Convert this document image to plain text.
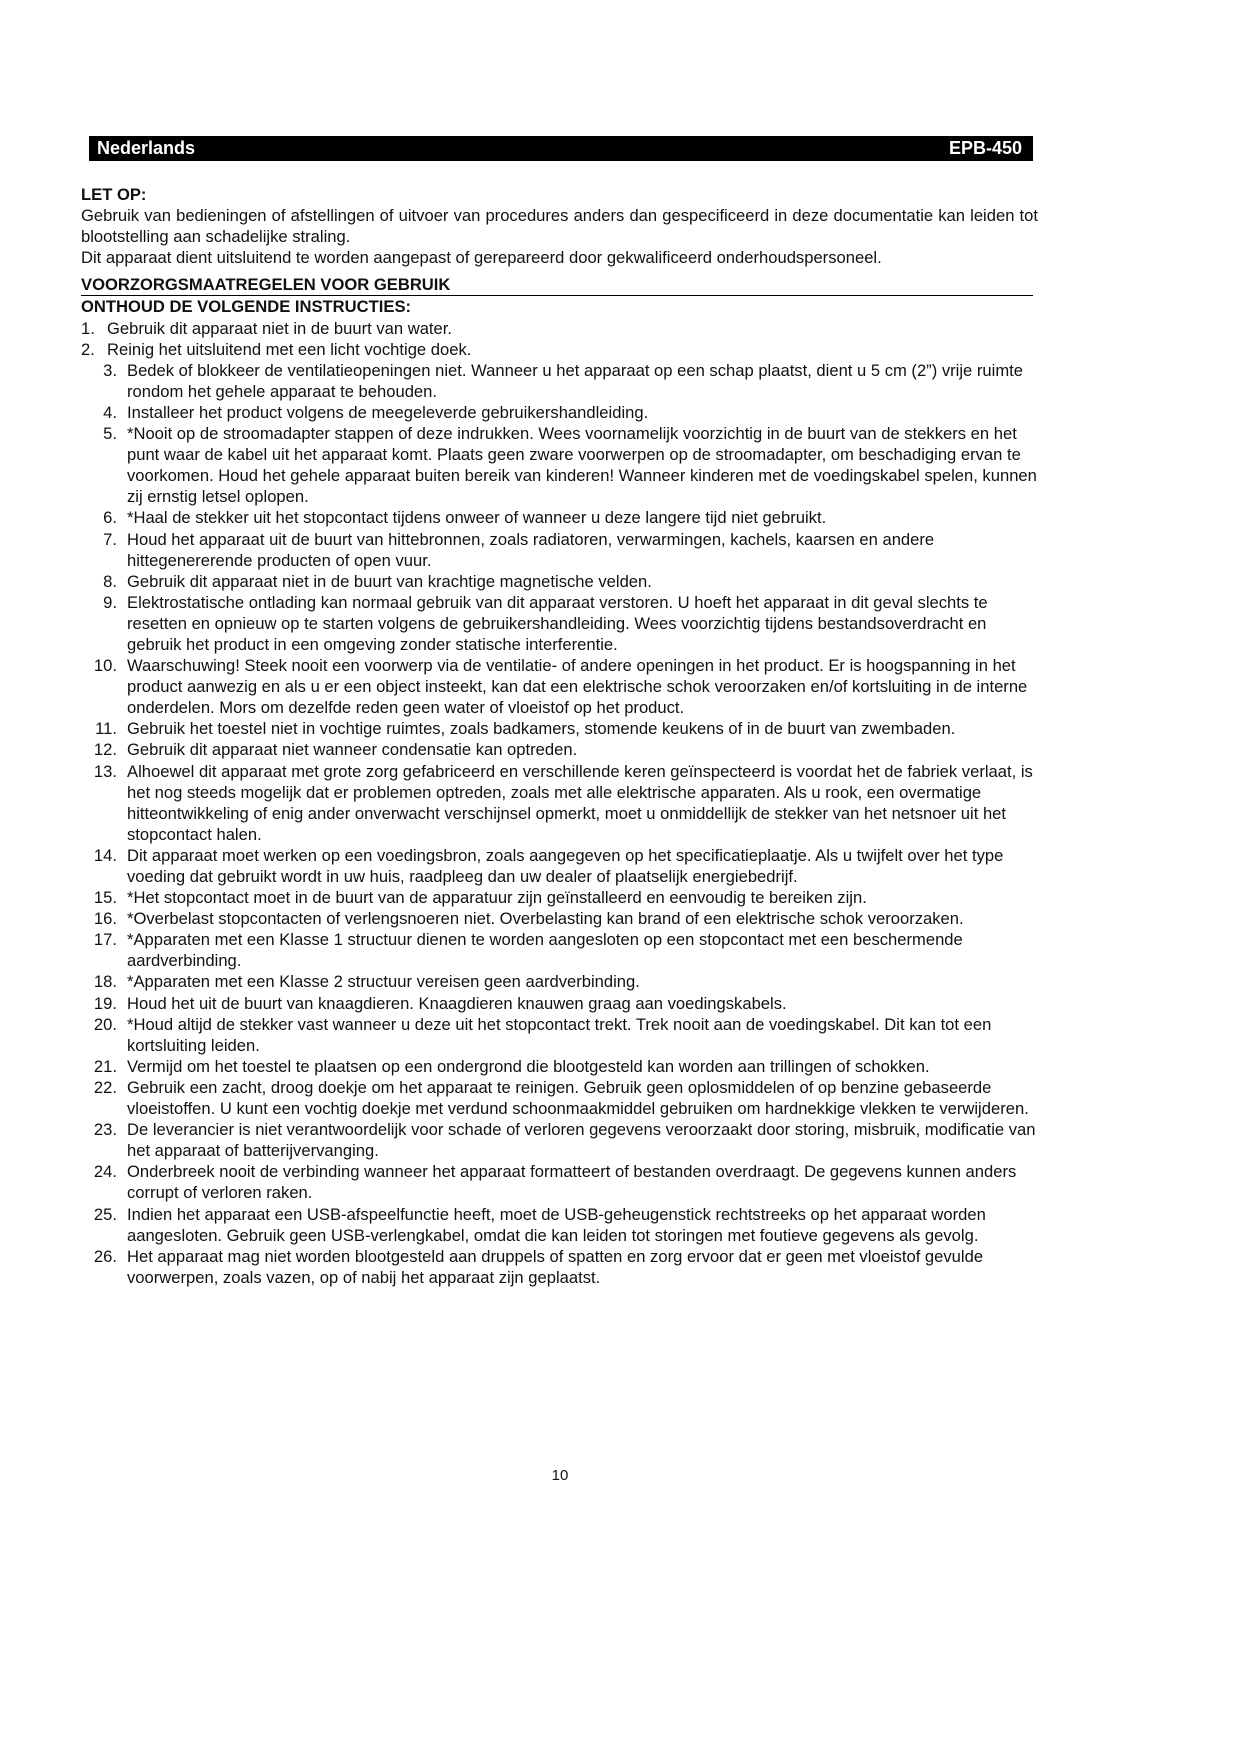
Nederlands	EPB-450
LET OP:

Gebruik van bedieningen of afstellingen of uitvoer van procedures anders dan gespecificeerd in deze documentatie kan leiden tot blootstelling aan schadelijke straling.

Dit apparaat dient uitsluitend te worden aangepast of gerepareerd door gekwalificeerd onderhoudspersoneel.

VOORZORGSMAATREGELEN VOOR GEBRUIK
ONTHOUD DE VOLGENDE INSTRUCTIES:
1. Gebruik dit apparaat niet in de buurt van water.
2. Reinig het uitsluitend met een licht vochtige doek.
3. Bedek of blokkeer de ventilatieopeningen niet. Wanneer u het apparaat op een schap plaatst, dient u 5 cm (2”) vrije ruimte rondom het gehele apparaat te behouden.
4. Installeer het product volgens de meegeleverde gebruikershandleiding.
5. *Nooit op de stroomadapter stappen of deze indrukken. Wees voornamelijk voorzichtig in de buurt van de stekkers en het punt waar de kabel uit het apparaat komt. Plaats geen zware voorwerpen op de stroomadapter, om beschadiging ervan te voorkomen. Houd het gehele apparaat buiten bereik van kinderen! Wanneer kinderen met de voedingskabel spelen, kunnen zij ernstig letsel oplopen.
6. *Haal de stekker uit het stopcontact tijdens onweer of wanneer u deze langere tijd niet gebruikt.
7. Houd het apparaat uit de buurt van hittebronnen, zoals radiatoren, verwarmingen, kachels, kaarsen en andere hittegenererende producten of open vuur.
8. Gebruik dit apparaat niet in de buurt van krachtige magnetische velden.
9. Elektrostatische ontlading kan normaal gebruik van dit apparaat verstoren. U hoeft het apparaat in dit geval slechts te resetten en opnieuw op te starten volgens de gebruikershandleiding. Wees voorzichtig tijdens bestandsoverdracht en gebruik het product in een omgeving zonder statische interferentie.
10. Waarschuwing! Steek nooit een voorwerp via de ventilatie- of andere openingen in het product. Er is hoogspanning in het product aanwezig en als u er een object insteekt, kan dat een elektrische schok veroorzaken en/of kortsluiting in de interne onderdelen. Mors om dezelfde reden geen water of vloeistof op het product.
11. Gebruik het toestel niet in vochtige ruimtes, zoals badkamers, stomende keukens of in de buurt van zwembaden.
12. Gebruik dit apparaat niet wanneer condensatie kan optreden.
13. Alhoewel dit apparaat met grote zorg gefabriceerd en verschillende keren geïnspecteerd is voordat het de fabriek verlaat, is het nog steeds mogelijk dat er problemen optreden, zoals met alle elektrische apparaten. Als u rook, een overmatige hitteontwikkeling of enig ander onverwacht verschijnsel opmerkt, moet u onmiddellijk de stekker van het netsnoer uit het stopcontact halen.
14. Dit apparaat moet werken op een voedingsbron, zoals aangegeven op het specificatieplaatje. Als u twijfelt over het type voeding dat gebruikt wordt in uw huis, raadpleeg dan uw dealer of plaatselijk energiebedrijf.
15. *Het stopcontact moet in de buurt van de apparatuur zijn geïnstalleerd en eenvoudig te bereiken zijn.
16. *Overbelast stopcontacten of verlengsnoeren niet. Overbelasting kan brand of een elektrische schok veroorzaken.
17. *Apparaten met een Klasse 1 structuur dienen te worden aangesloten op een stopcontact met een beschermende aardverbinding.
18. *Apparaten met een Klasse 2 structuur vereisen geen aardverbinding.
19. Houd het uit de buurt van knaagdieren. Knaagdieren knauwen graag aan voedingskabels.
20. *Houd altijd de stekker vast wanneer u deze uit het stopcontact trekt. Trek nooit aan de voedingskabel. Dit kan tot een kortsluiting leiden.
21. Vermijd om het toestel te plaatsen op een ondergrond die blootgesteld kan worden aan trillingen of schokken.
22. Gebruik een zacht, droog doekje om het apparaat te reinigen. Gebruik geen oplosmiddelen of op benzine gebaseerde vloeistoffen. U kunt een vochtig doekje met verdund schoonmaakmiddel gebruiken om hardnekkige vlekken te verwijderen.
23. De leverancier is niet verantwoordelijk voor schade of verloren gegevens veroorzaakt door storing, misbruik, modificatie van het apparaat of batterijvervanging.
24. Onderbreek nooit de verbinding wanneer het apparaat formatteert of bestanden overdraagt. De gegevens kunnen anders corrupt of verloren raken.
25. Indien het apparaat een USB-afspeelfunctie heeft, moet de USB-geheugenstick rechtstreeks op het apparaat worden aangesloten. Gebruik geen USB-verlengkabel, omdat die kan leiden tot storingen met foutieve gegevens als gevolg.
26. Het apparaat mag niet worden blootgesteld aan druppels of spatten en zorg ervoor dat er geen met vloeistof gevulde voorwerpen, zoals vazen, op of nabij het apparaat zijn geplaatst.
10
